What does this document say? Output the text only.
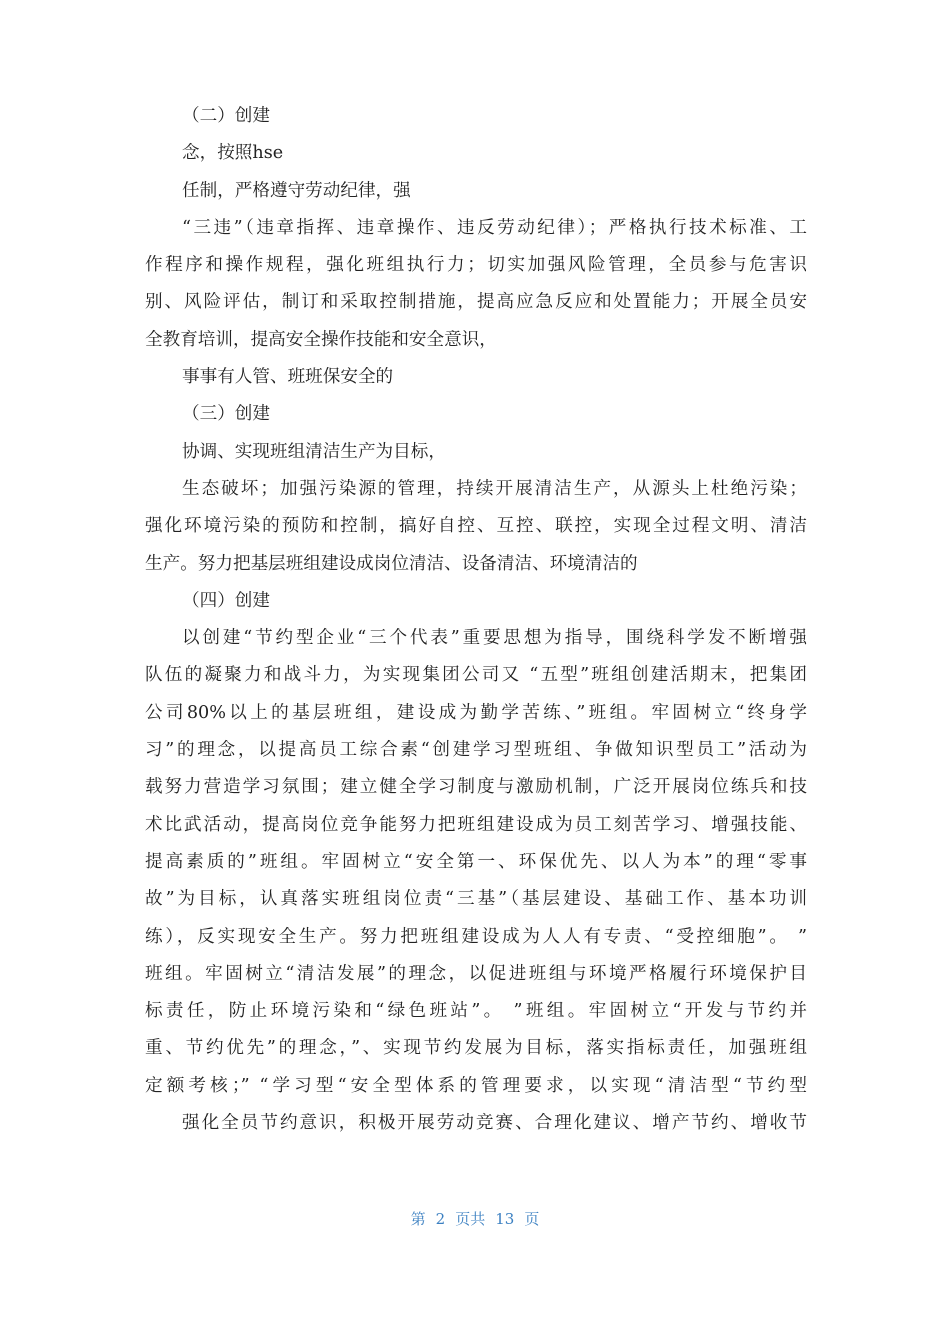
（二）创建
念，按照hse
任制，严格遵守劳动纪律，强
“三违”（违章指挥、违章操作、违反劳动纪律）；严格执行技术标准、工
作程序和操作规程，强化班组执行力；切实加强风险管理，全员参与危害识
别、风险评估，制订和采取控制措施，提高应急反应和处置能力；开展全员安
全教育培训，提高安全操作技能和安全意识，
事事有人管、班班保安全的
（三）创建
协调、实现班组清洁生产为目标，
生态破坏；加强污染源的管理，持续开展清洁生产，从源头上杜绝污染；
强化环境污染的预防和控制，搞好自控、互控、联控，实现全过程文明、清洁
生产。努力把基层班组建设成岗位清洁、设备清洁、环境清洁的
（四）创建
以创建“节约型企业“三个代表”重要思想为指导，围绕科学发不断增强
队伍的凝聚力和战斗力，为实现集团公司又 “五型”班组创建活期末，把集团
公司80%以上的基层班组，建设成为勤学苦练、”班组。牢固树立“终身学
习”的理念，以提高员工综合素“创建学习型班组、争做知识型员工”活动为
载努力营造学习氛围；建立健全学习制度与激励机制，广泛开展岗位练兵和技
术比武活动，提高岗位竞争能努力把班组建设成为员工刻苦学习、增强技能、
提高素质的”班组。牢固树立“安全第一、环保优先、以人为本”的理“零事
故”为目标，认真落实班组岗位责“三基”（基层建设、基础工作、基本功训
练），反实现安全生产。努力把班组建设成为人人有专责、“受控细胞”。 ”
班组。牢固树立“清洁发展”的理念，以促进班组与环境严格履行环境保护目
标责任，防止环境污染和“绿色班站”。 ”班组。牢固树立“开发与节约并
重、节约优先”的理念，”、实现节约发展为目标，落实指标责任，加强班组
定额考核；” “学习型“安全型体系的管理要求，以实现“清洁型“节约型
强化全员节约意识，积极开展劳动竞赛、合理化建议、增产节约、增收节
第 2 页共 13 页
